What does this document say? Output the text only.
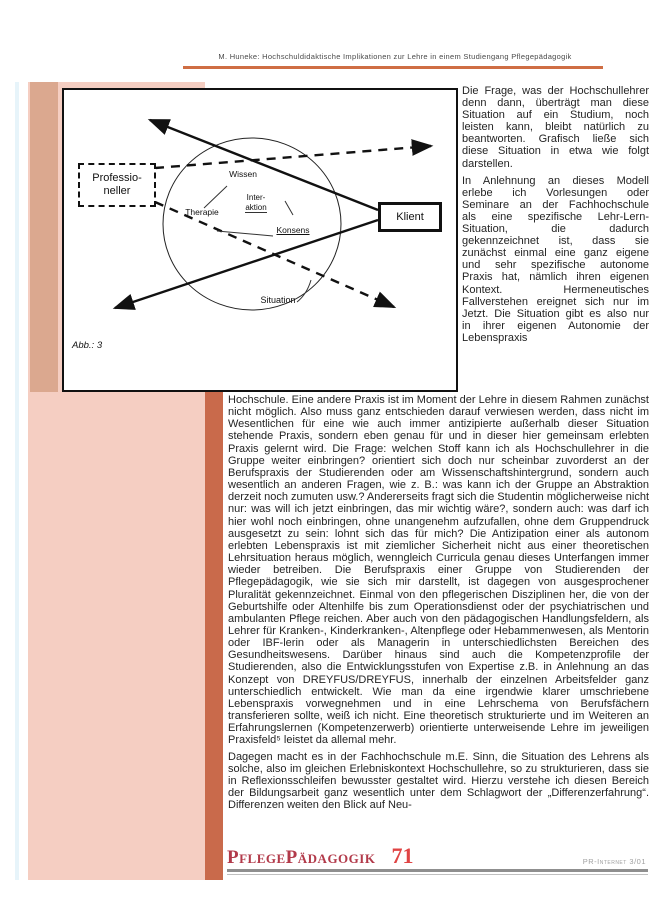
M. Huneke: Hochschuldidaktische Implikationen zur Lehre in einem Studiengang Pflegepädagogik
Professio-
neller
Klient
Wissen
Inter-
aktion
Therapie
Konsens
Situation
Abb.: 3

Die Frage, was der Hochschullehrer denn dann, überträgt man diese Situation auf ein Studium, noch leisten kann, bleibt natürlich zu beantworten. Grafisch ließe sich diese Situation in etwa wie folgt darstellen.

In Anlehnung an dieses Modell erlebe ich Vorlesungen oder Seminare an der Fachhochschule als eine spezifische Lehr-Lern-Situation, die dadurch gekennzeichnet ist, dass sie zunächst einmal eine ganz eigene und sehr spezifische autonome Praxis hat, nämlich ihren eigenen Kontext. Hermeneutisches Fallverstehen ereignet sich nur im Jetzt. Die Situation gibt es also nur in ihrer eigenen Autonomie der Lebenspraxis

Hochschule. Eine andere Praxis ist im Moment der Lehre in diesem Rahmen zunächst nicht möglich. Also muss ganz entschieden darauf verwiesen werden, dass nicht im Wesentlichen für eine wie auch immer antizipierte außerhalb dieser Situation stehende Praxis, sondern eben genau für und in dieser hier gemeinsam erlebten Praxis gelernt wird. Die Frage: welchen Stoff kann ich als Hochschullehrer in die Gruppe weiter einbringen? orientiert sich doch nur scheinbar zuvorderst an der Berufspraxis der Studierenden oder am Wissenschaftshintergrund, sondern auch wesentlich an anderen Fragen, wie z. B.: was kann ich der Gruppe an Abstraktion derzeit noch zumuten usw.? Andererseits fragt sich die Studentin möglicherweise nicht nur: was will ich jetzt einbringen, das mir wichtig wäre?, sondern auch: was darf ich hier wohl noch einbringen, ohne unangenehm aufzufallen, ohne dem Gruppendruck ausgesetzt zu sein: lohnt sich das für mich? Die Antizipation einer als autonom erlebten Lebenspraxis ist mit ziemlicher Sicherheit nicht aus einer theoretischen Lehrsituation heraus möglich, wenngleich Curricula genau dieses Unterfangen immer wieder betreiben. Die Berufspraxis einer Gruppe von Studierenden der Pflegepädagogik, wie sie sich mir darstellt, ist dagegen von ausgesprochener Pluralität gekennzeichnet. Einmal von den pflegerischen Disziplinen her, die von der Geburtshilfe oder Altenhilfe bis zum Operationsdienst oder der psychiatrischen und ambulanten Pflege reichen. Aber auch von den pädagogischen Handlungsfeldern, als Lehrer für Kranken-, Kinderkranken-, Altenpflege oder Hebammenwesen, als Mentorin oder IBF-lerin oder als Managerin in unterschiedlichsten Bereichen des Gesundheitswesens. Darüber hinaus sind auch die Kompetenzprofile der Studierenden, also die Entwicklungsstufen von Expertise z.B. in Anlehnung an das Konzept von DREYFUS/DREYFUS, innerhalb der einzelnen Arbeitsfelder ganz unterschiedlich entwickelt. Wie man da eine irgendwie klarer umschriebene Lebenspraxis vorwegnehmen und in eine Lehrschema von Berufsfächern transferieren sollte, weiß ich nicht. Eine theoretisch strukturierte und im Weiteren an Erfahrungslernen (Kompetenzerwerb) orientierte unterweisende Lehre im jeweiligen Praxisfeld⁵ leistet da allemal mehr.

Dagegen macht es in der Fachhochschule m.E. Sinn, die Situation des Lehrens als solche, also im gleichen Erlebniskontext Hochschullehre, so zu strukturieren, dass sie in Reflexionsschleifen bewusster gestaltet wird. Hierzu verstehe ich diesen Bereich der Bildungsarbeit ganz wesentlich unter dem Schlagwort der „Differenzerfahrung“. Differenzen weiten den Blick auf Neu-

PflegePädagogik 71	PR-Internet 3/01
